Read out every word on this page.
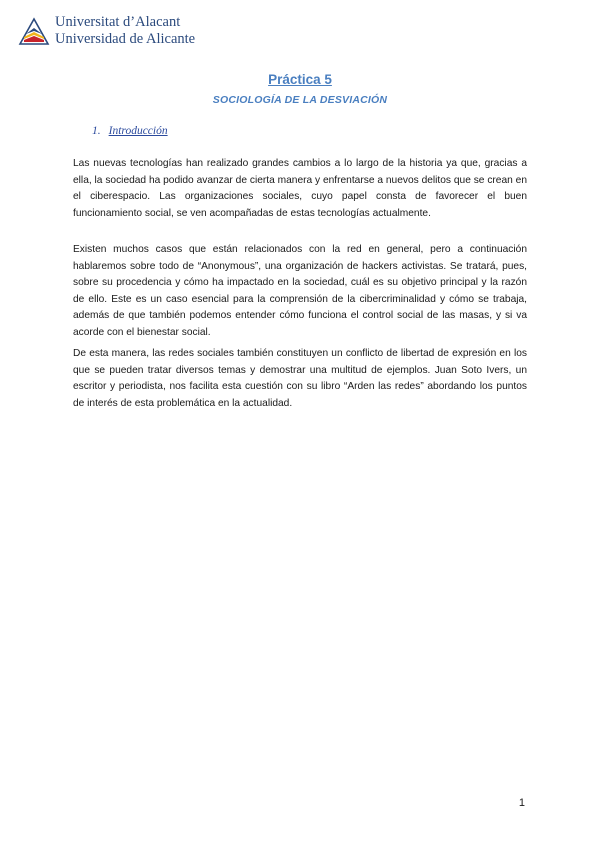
Universitat d’Alacant
Universidad de Alicante
Práctica 5
SOCIOLOGÍA DE LA DESVIACIÓN
1. Introducción

Las nuevas tecnologías han realizado grandes cambios a lo largo de la historia ya que, gracias a ella, la sociedad ha podido avanzar de cierta manera y enfrentarse a nuevos delitos que se crean en el ciberespacio. Las organizaciones sociales, cuyo papel consta de favorecer el buen funcionamiento social, se ven acompañadas de estas tecnologías actualmente.

Existen muchos casos que están relacionados con la red en general, pero a continuación hablaremos sobre todo de “Anonymous”, una organización de hackers activistas. Se tratará, pues, sobre su procedencia y cómo ha impactado en la sociedad, cuál es su objetivo principal y la razón de ello. Este es un caso esencial para la comprensión de la cibercriminalidad y cómo se trabaja, además de que también podemos entender cómo funciona el control social de las masas, y si va acorde con el bienestar social.

De esta manera, las redes sociales también constituyen un conflicto de libertad de expresión en los que se pueden tratar diversos temas y demostrar una multitud de ejemplos. Juan Soto Ivers, un escritor y periodista, nos facilita esta cuestión con su libro “Arden las redes” abordando los puntos de interés de esta problemática en la actualidad.

1
